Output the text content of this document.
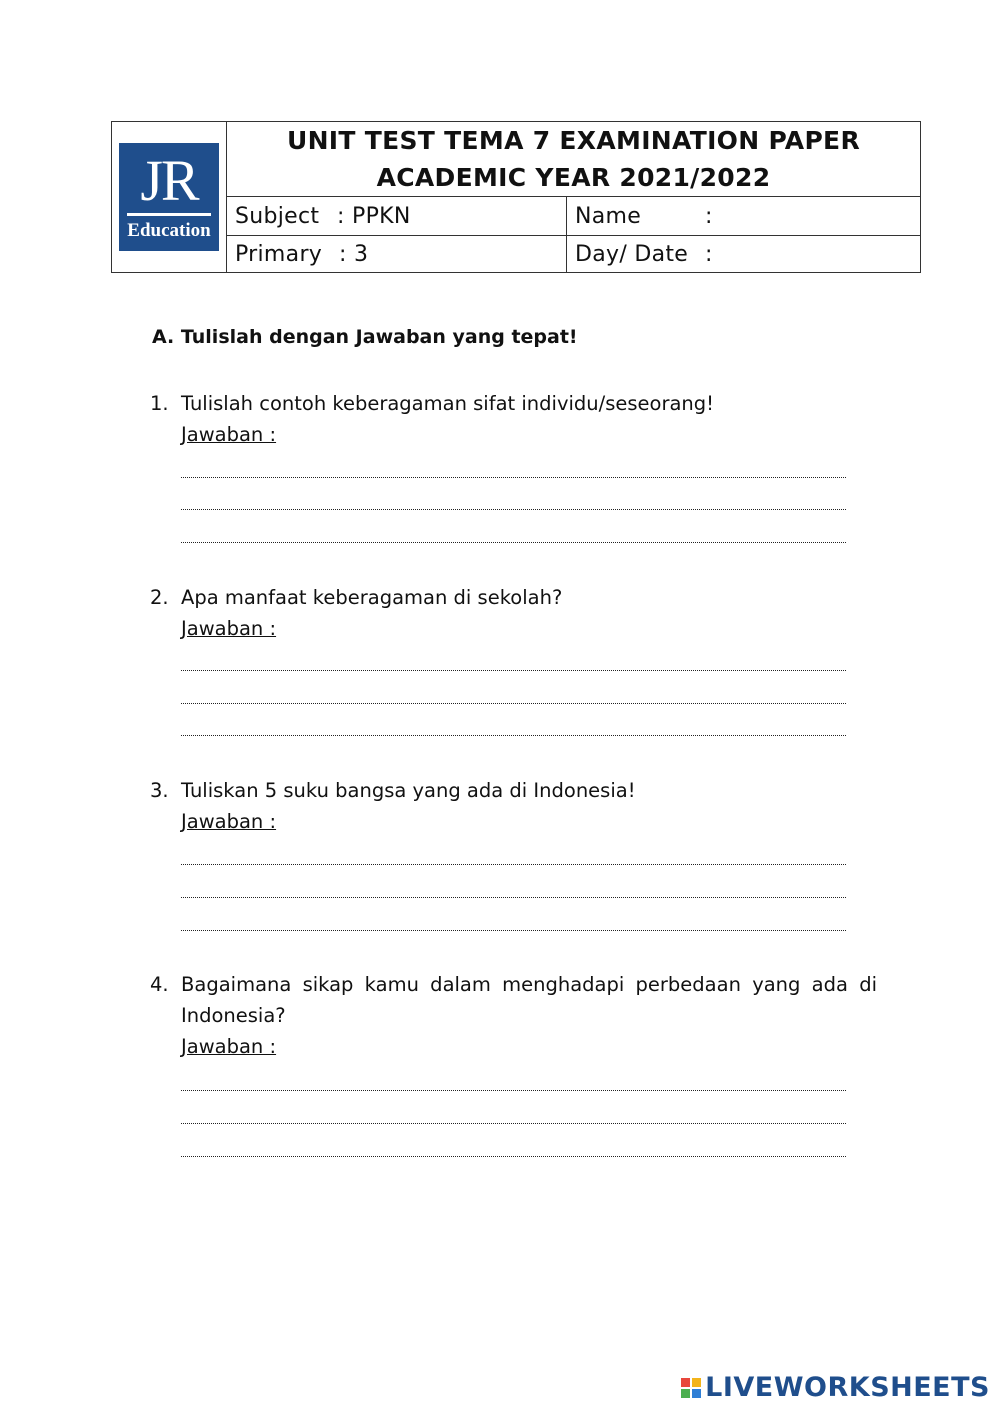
JR
Education
UNIT TEST TEMA 7 EXAMINATION PAPER
ACADEMIC YEAR 2021/2022
Subject : PPKN	Name	:
Primary : 3	Day/ Date :
A. Tulislah dengan Jawaban yang tepat!
1. Tulislah contoh keberagaman sifat individu/seseorang!
Jawaban :
2. Apa manfaat keberagaman di sekolah?
Jawaban :
3. Tuliskan 5 suku bangsa yang ada di Indonesia!
Jawaban :
4. Bagaimana sikap kamu dalam menghadapi perbedaan yang ada di
Indonesia?
Jawaban :
LIVEWORKSHEETS
